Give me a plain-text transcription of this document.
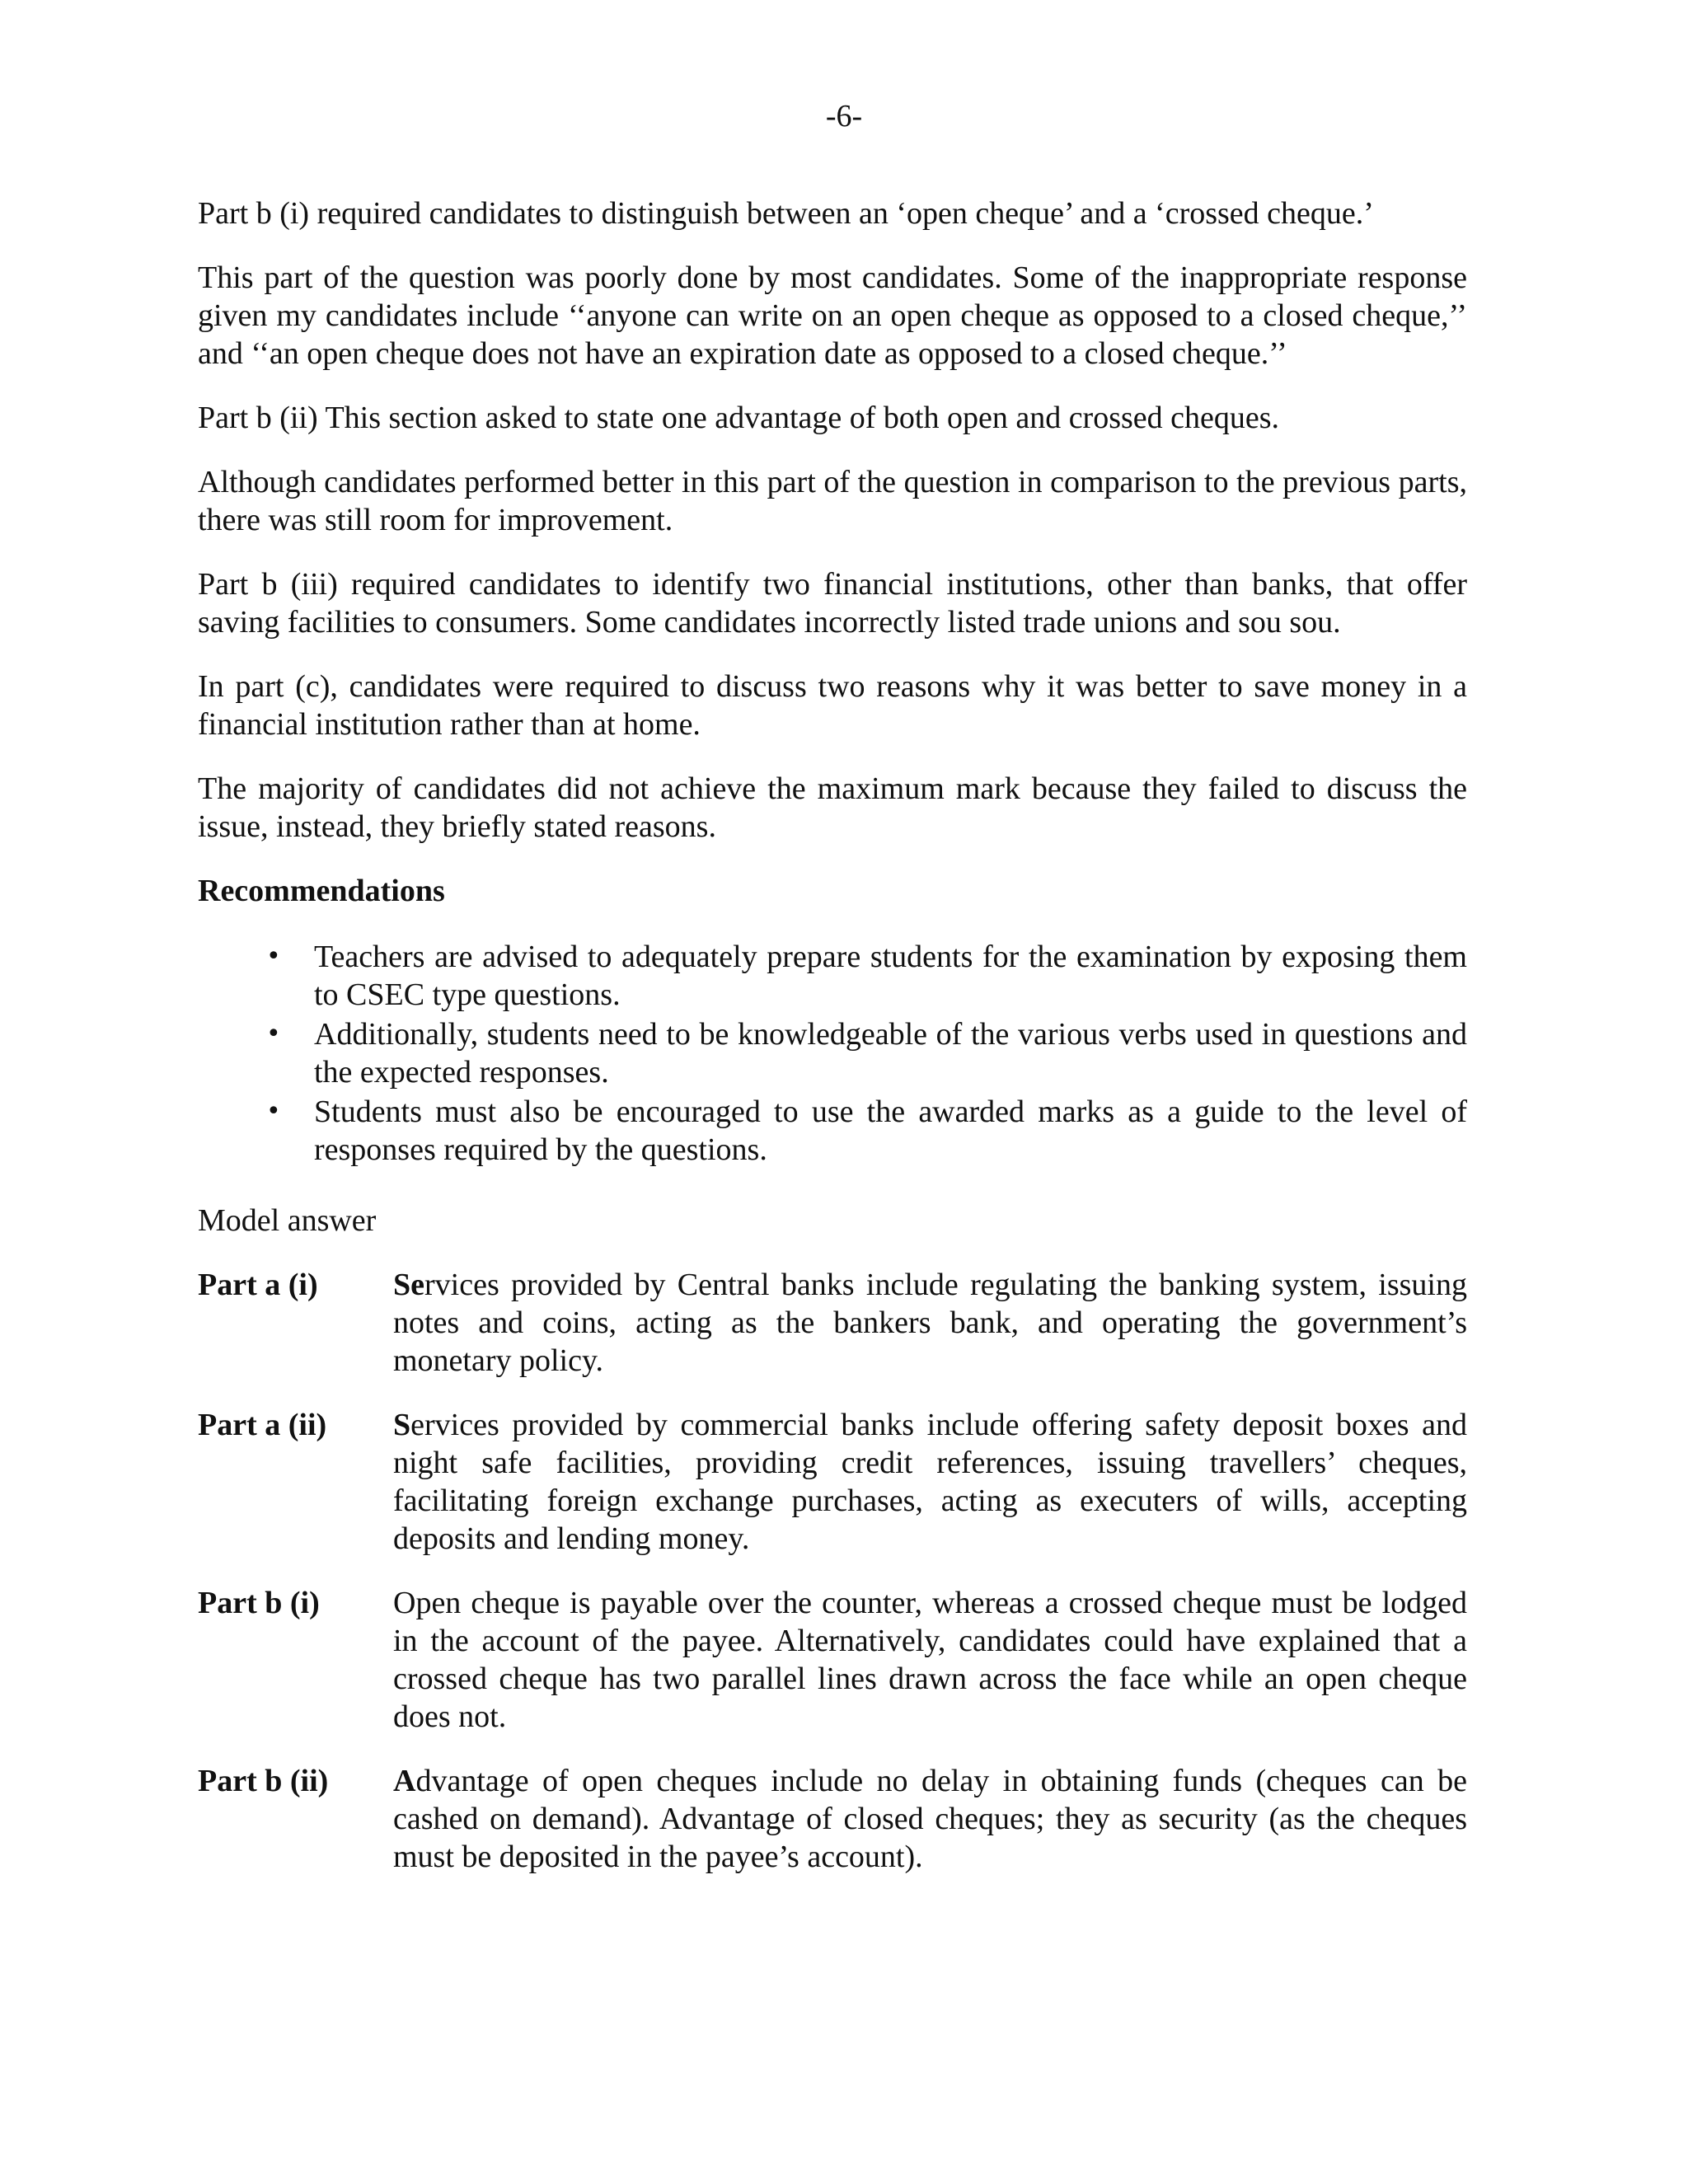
-6-

Part b (i) required candidates to distinguish between an ‘open cheque’ and a ‘crossed cheque.’

This part of the question was poorly done by most candidates. Some of the inappropriate response given my candidates include ‘‘anyone can write on an open cheque as opposed to a closed cheque,’’ and ‘‘an open cheque does not have an expiration date as opposed to a closed cheque.’’

Part b (ii) This section asked to state one advantage of both open and crossed cheques.

Although candidates performed better in this part of the question in comparison to the previous parts, there was still room for improvement.

Part b (iii) required candidates to identify two financial institutions, other than banks, that offer saving facilities to consumers. Some candidates incorrectly listed trade unions and sou sou.

In part (c), candidates were required to discuss two reasons why it was better to save money in a financial institution rather than at home.

The majority of candidates did not achieve the maximum mark because they failed to discuss the issue, instead, they briefly stated reasons.

Recommendations
• Teachers are advised to adequately prepare students for the examination by exposing them to CSEC type questions.
• Additionally, students need to be knowledgeable of the various verbs used in questions and the expected responses.
• Students must also be encouraged to use the awarded marks as a guide to the level of responses required by the questions.
Model answer
Part a (i)	Services provided by Central banks include regulating the banking system, issuing notes and coins, acting as the bankers bank, and operating the government’s monetary policy.
Part a (ii)	Services provided by commercial banks include offering safety deposit boxes and night safe facilities, providing credit references, issuing travellers’ cheques, facilitating foreign exchange purchases, acting as executers of wills, accepting deposits and lending money.
Part b (i)	Open cheque is payable over the counter, whereas a crossed cheque must be lodged in the account of the payee. Alternatively, candidates could have explained that a crossed cheque has two parallel lines drawn across the face while an open cheque does not.
Part b (ii)	Advantage of open cheques include no delay in obtaining funds (cheques can be cashed on demand). Advantage of closed cheques; they as security (as the cheques must be deposited in the payee’s account).
